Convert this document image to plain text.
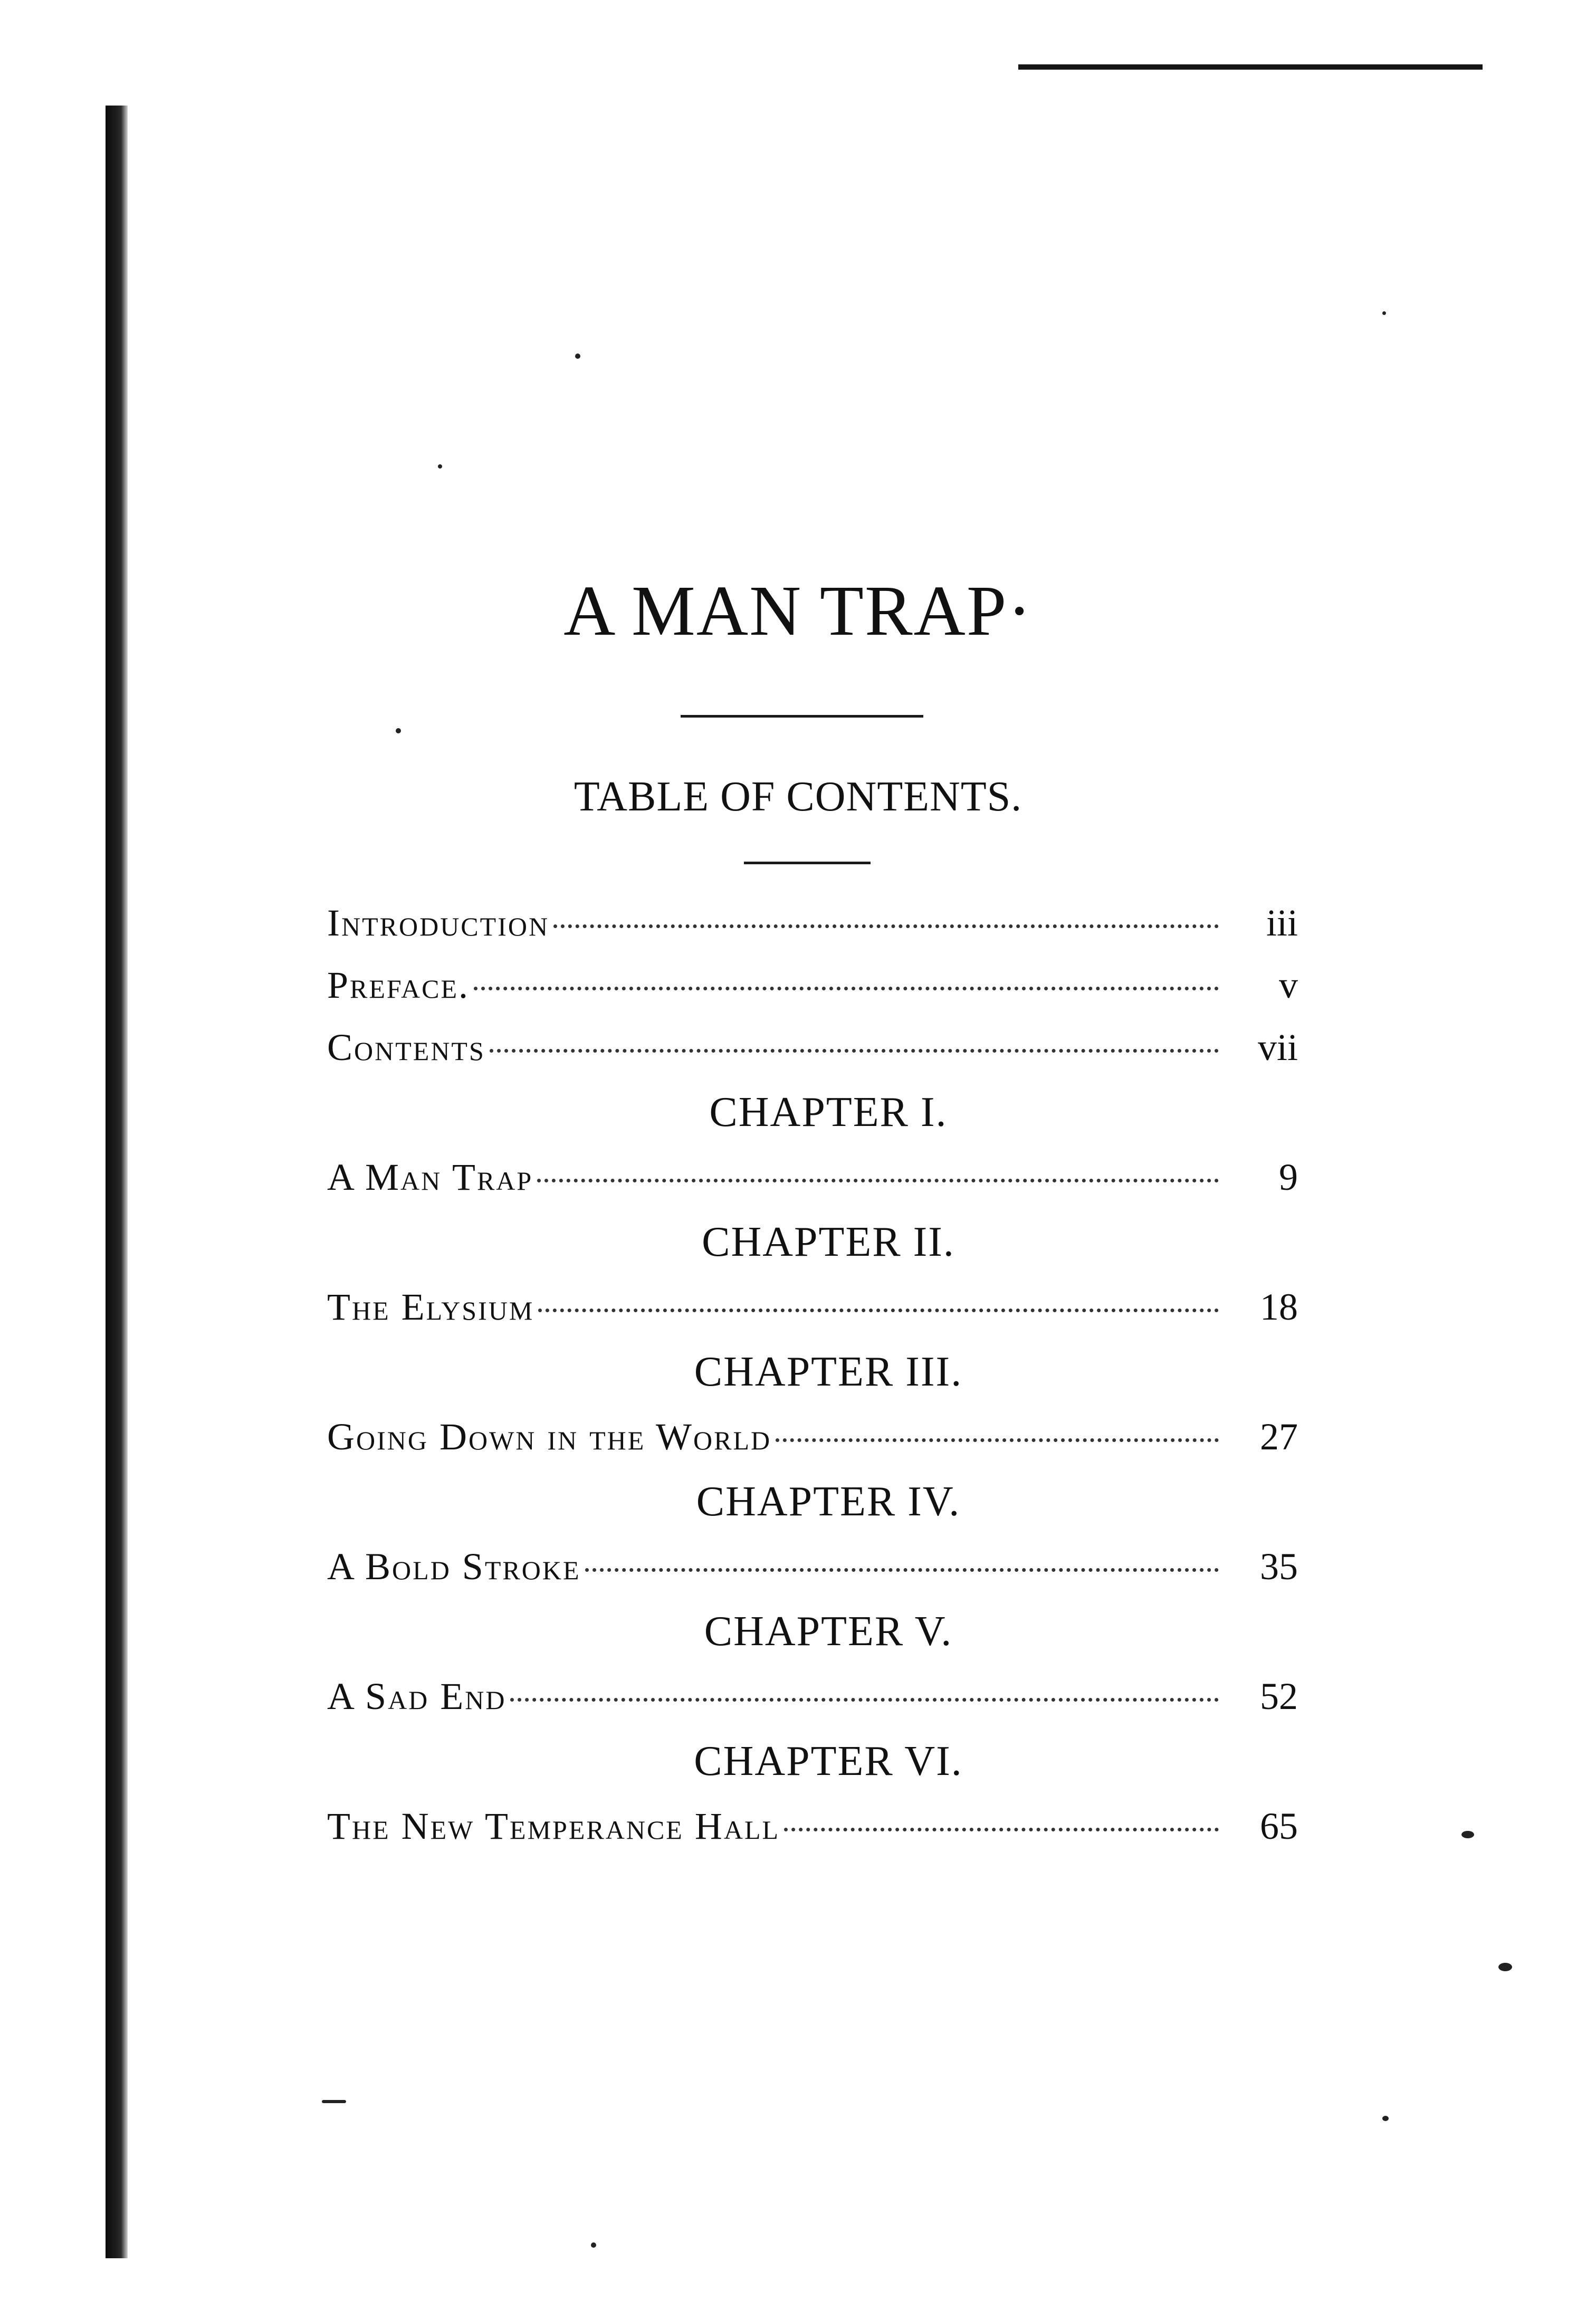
A MAN TRAP·
TABLE OF CONTENTS.
Introduction	iii
Preface.	v
Contents	vii
CHAPTER I.
A Man Trap	9
CHAPTER II.
The Elysium	18
CHAPTER III.
Going Down in the World	27
CHAPTER IV.
A Bold Stroke	35
CHAPTER V.
A Sad End	52
CHAPTER VI.
The New Temperance Hall	65
